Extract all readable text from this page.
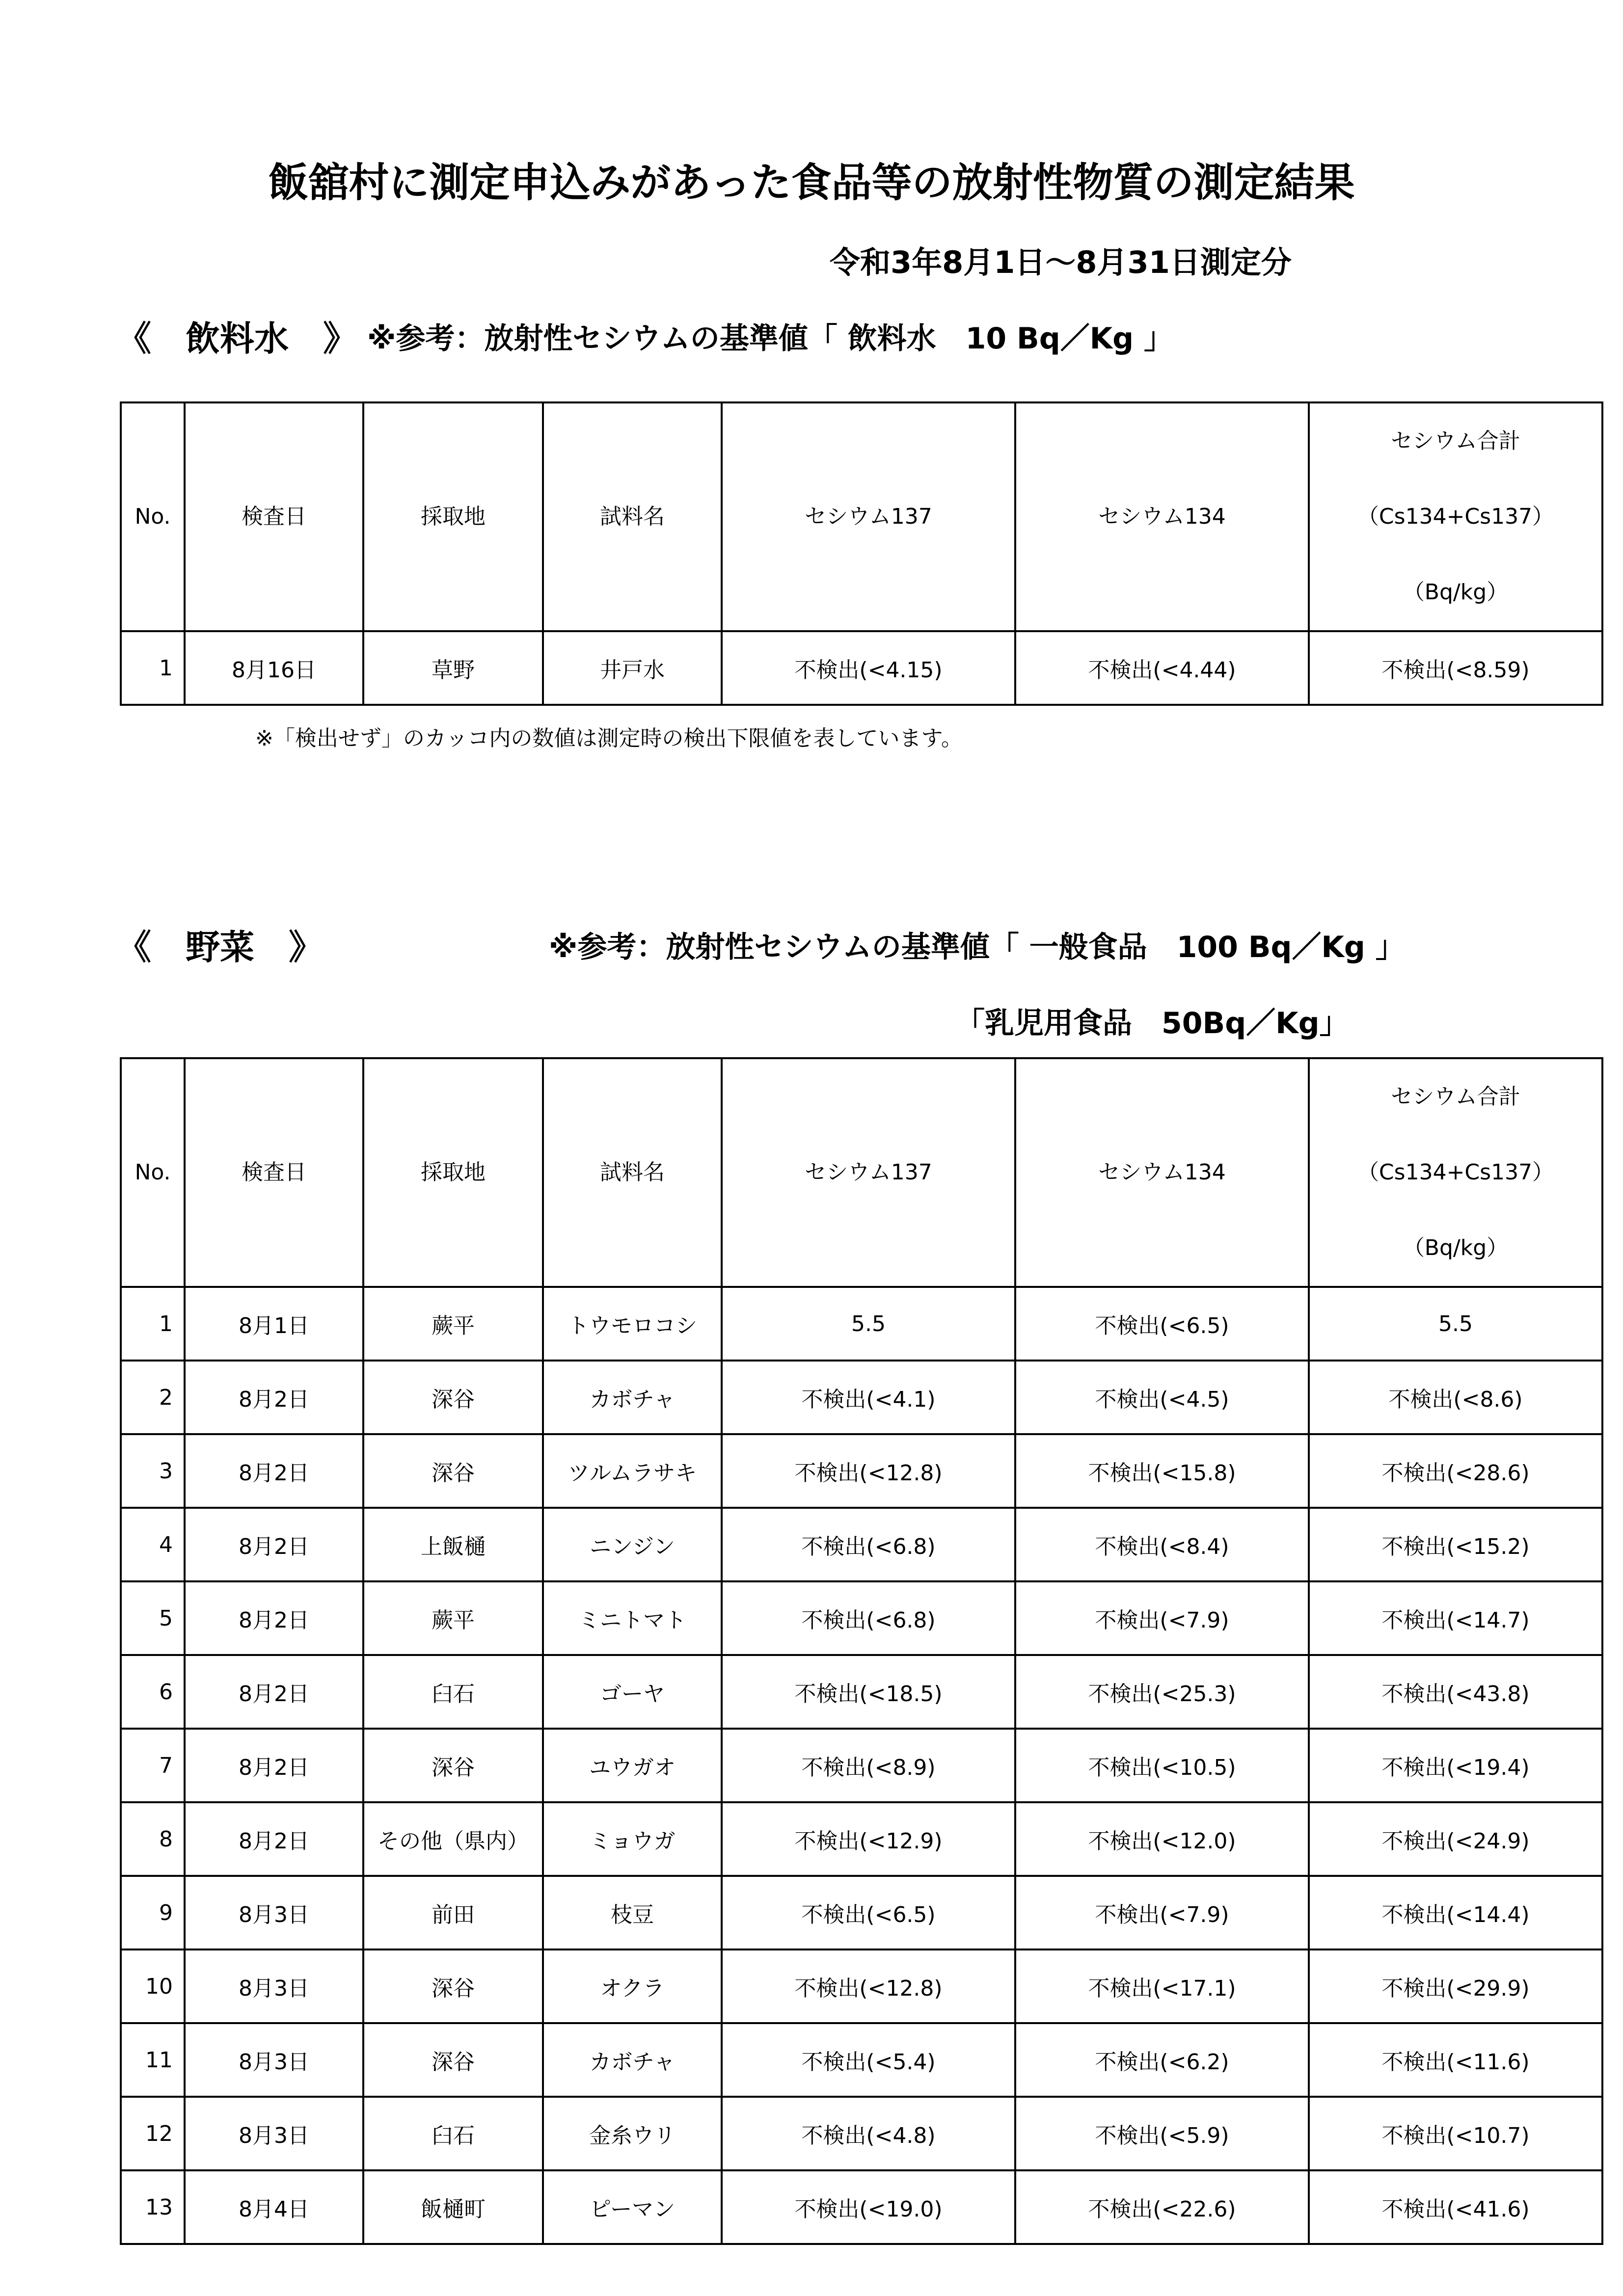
飯舘村に測定申込みがあった食品等の放射性物質の測定結果
令和3年8月1日～8月31日測定分
《　飲料水　》 ※参考：放射性セシウムの基準値「 飲料水　10 Bq／Kg 」
No.	検査日	採取地	試料名	セシウム137	セシウム134	セシウム合計
（Cs134+Cs137）
（Bq/kg）

1	8月16日	草野	井戸水	不検出(<4.15)	不検出(<4.44)	不検出(<8.59)
※「検出せず」のカッコ内の数値は測定時の検出下限値を表しています。
《　野菜　》	※参考：放射性セシウムの基準値「 一般食品　100 Bq／Kg 」
「乳児用食品　50Bq／Kg」
No.	検査日	採取地	試料名	セシウム137	セシウム134	セシウム合計
（Cs134+Cs137）
（Bq/kg）

1	8月1日	蕨平	トウモロコシ	5.5	不検出(<6.5)	5.5
2	8月2日	深谷	カボチャ	不検出(<4.1)	不検出(<4.5)	不検出(<8.6)
3	8月2日	深谷	ツルムラサキ	不検出(<12.8)	不検出(<15.8)	不検出(<28.6)
4	8月2日	上飯樋	ニンジン	不検出(<6.8)	不検出(<8.4)	不検出(<15.2)
5	8月2日	蕨平	ミニトマト	不検出(<6.8)	不検出(<7.9)	不検出(<14.7)
6	8月2日	臼石	ゴーヤ	不検出(<18.5)	不検出(<25.3)	不検出(<43.8)
7	8月2日	深谷	ユウガオ	不検出(<8.9)	不検出(<10.5)	不検出(<19.4)
8	8月2日	その他（県内）	ミョウガ	不検出(<12.9)	不検出(<12.0)	不検出(<24.9)
9	8月3日	前田	枝豆	不検出(<6.5)	不検出(<7.9)	不検出(<14.4)
10	8月3日	深谷	オクラ	不検出(<12.8)	不検出(<17.1)	不検出(<29.9)
11	8月3日	深谷	カボチャ	不検出(<5.4)	不検出(<6.2)	不検出(<11.6)
12	8月3日	臼石	金糸ウリ	不検出(<4.8)	不検出(<5.9)	不検出(<10.7)
13	8月4日	飯樋町	ピーマン	不検出(<19.0)	不検出(<22.6)	不検出(<41.6)
